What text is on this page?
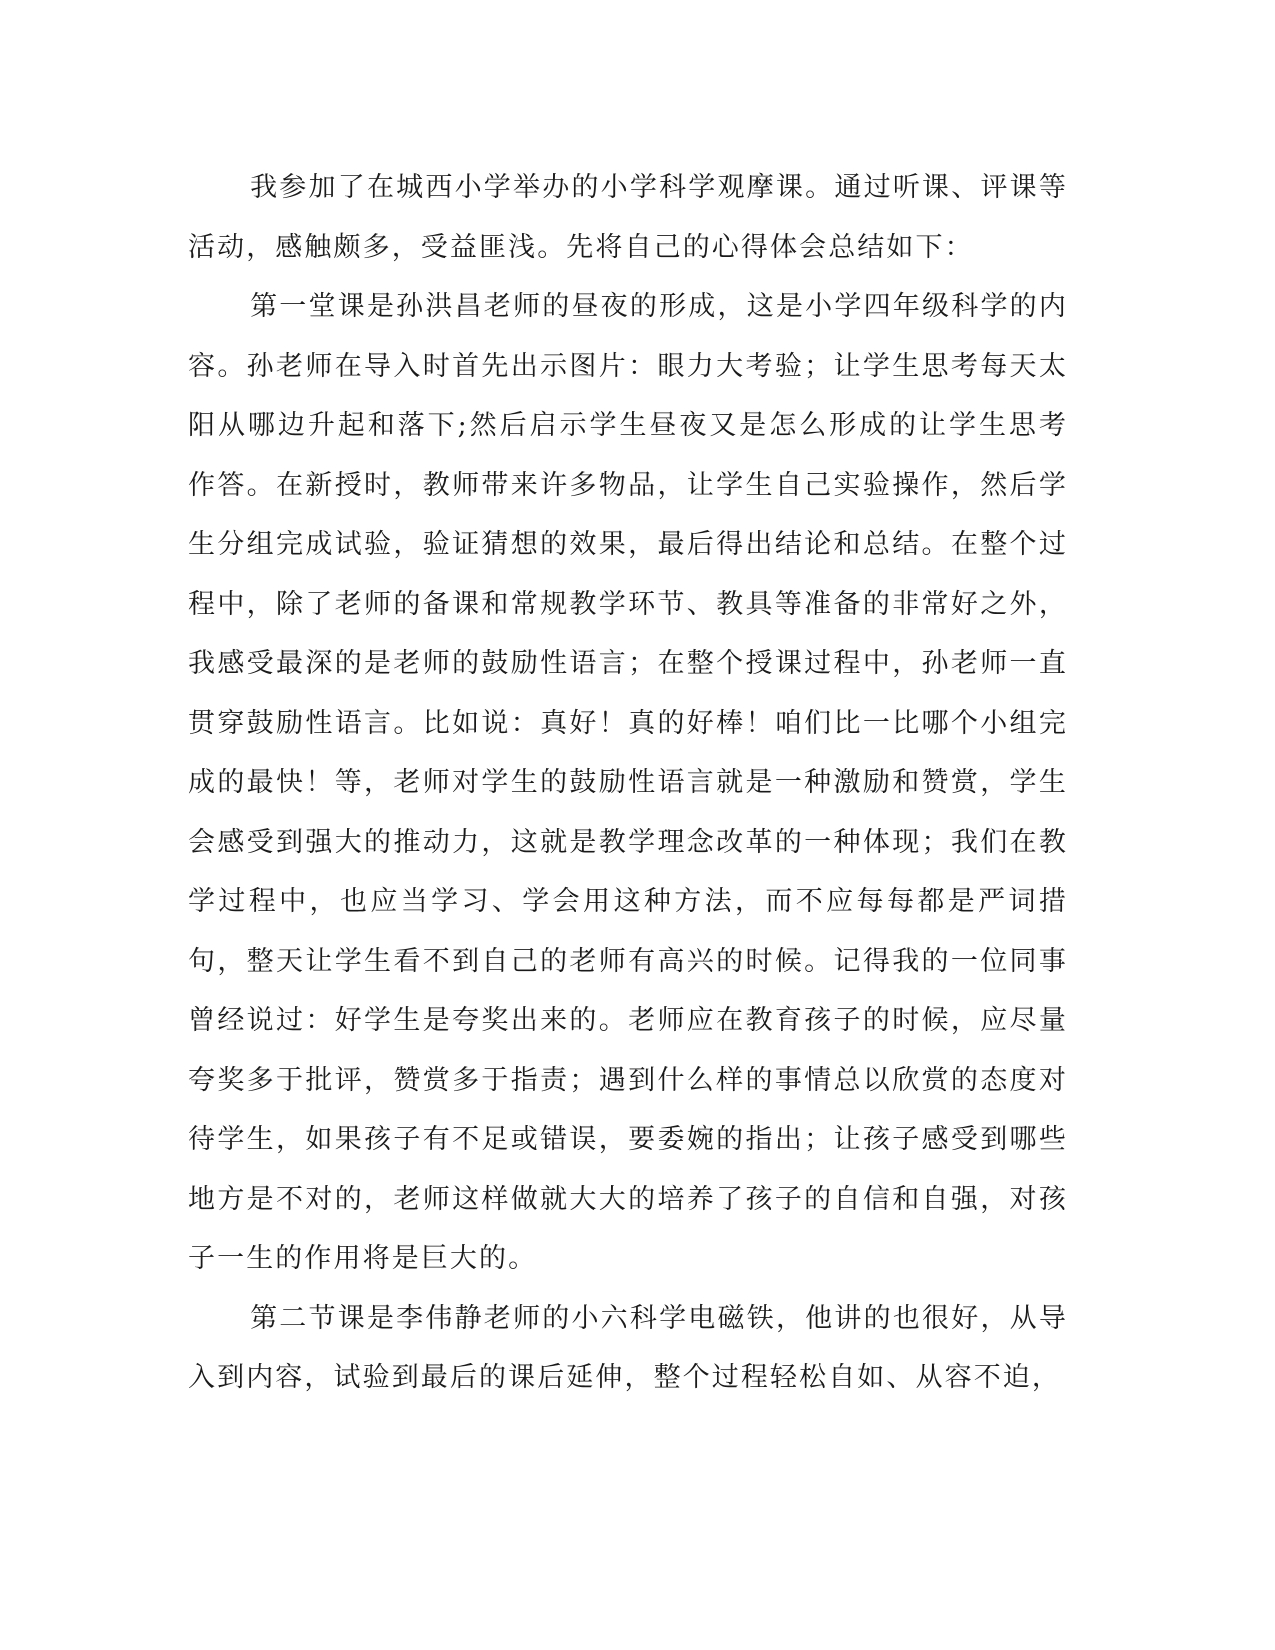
我参加了在城西小学举办的小学科学观摩课。通过听课、评课等活动，感触颇多，受益匪浅。先将自己的心得体会总结如下：

第一堂课是孙洪昌老师的昼夜的形成，这是小学四年级科学的内容。孙老师在导入时首先出示图片：眼力大考验；让学生思考每天太阳从哪边升起和落下;然后启示学生昼夜又是怎么形成的让学生思考作答。在新授时，教师带来许多物品，让学生自己实验操作，然后学生分组完成试验，验证猜想的效果，最后得出结论和总结。在整个过程中，除了老师的备课和常规教学环节、教具等准备的非常好之外，我感受最深的是老师的鼓励性语言；在整个授课过程中，孙老师一直贯穿鼓励性语言。比如说：真好！真的好棒！咱们比一比哪个小组完成的最快！等，老师对学生的鼓励性语言就是一种激励和赞赏，学生会感受到强大的推动力，这就是教学理念改革的一种体现；我们在教学过程中，也应当学习、学会用这种方法，而不应每每都是严词措句，整天让学生看不到自己的老师有高兴的时候。记得我的一位同事曾经说过：好学生是夸奖出来的。老师应在教育孩子的时候，应尽量夸奖多于批评，赞赏多于指责；遇到什么样的事情总以欣赏的态度对待学生，如果孩子有不足或错误，要委婉的指出；让孩子感受到哪些地方是不对的，老师这样做就大大的培养了孩子的自信和自强，对孩子一生的作用将是巨大的。

第二节课是李伟静老师的小六科学电磁铁，他讲的也很好，从导入到内容，试验到最后的课后延伸，整个过程轻松自如、从容不迫，
